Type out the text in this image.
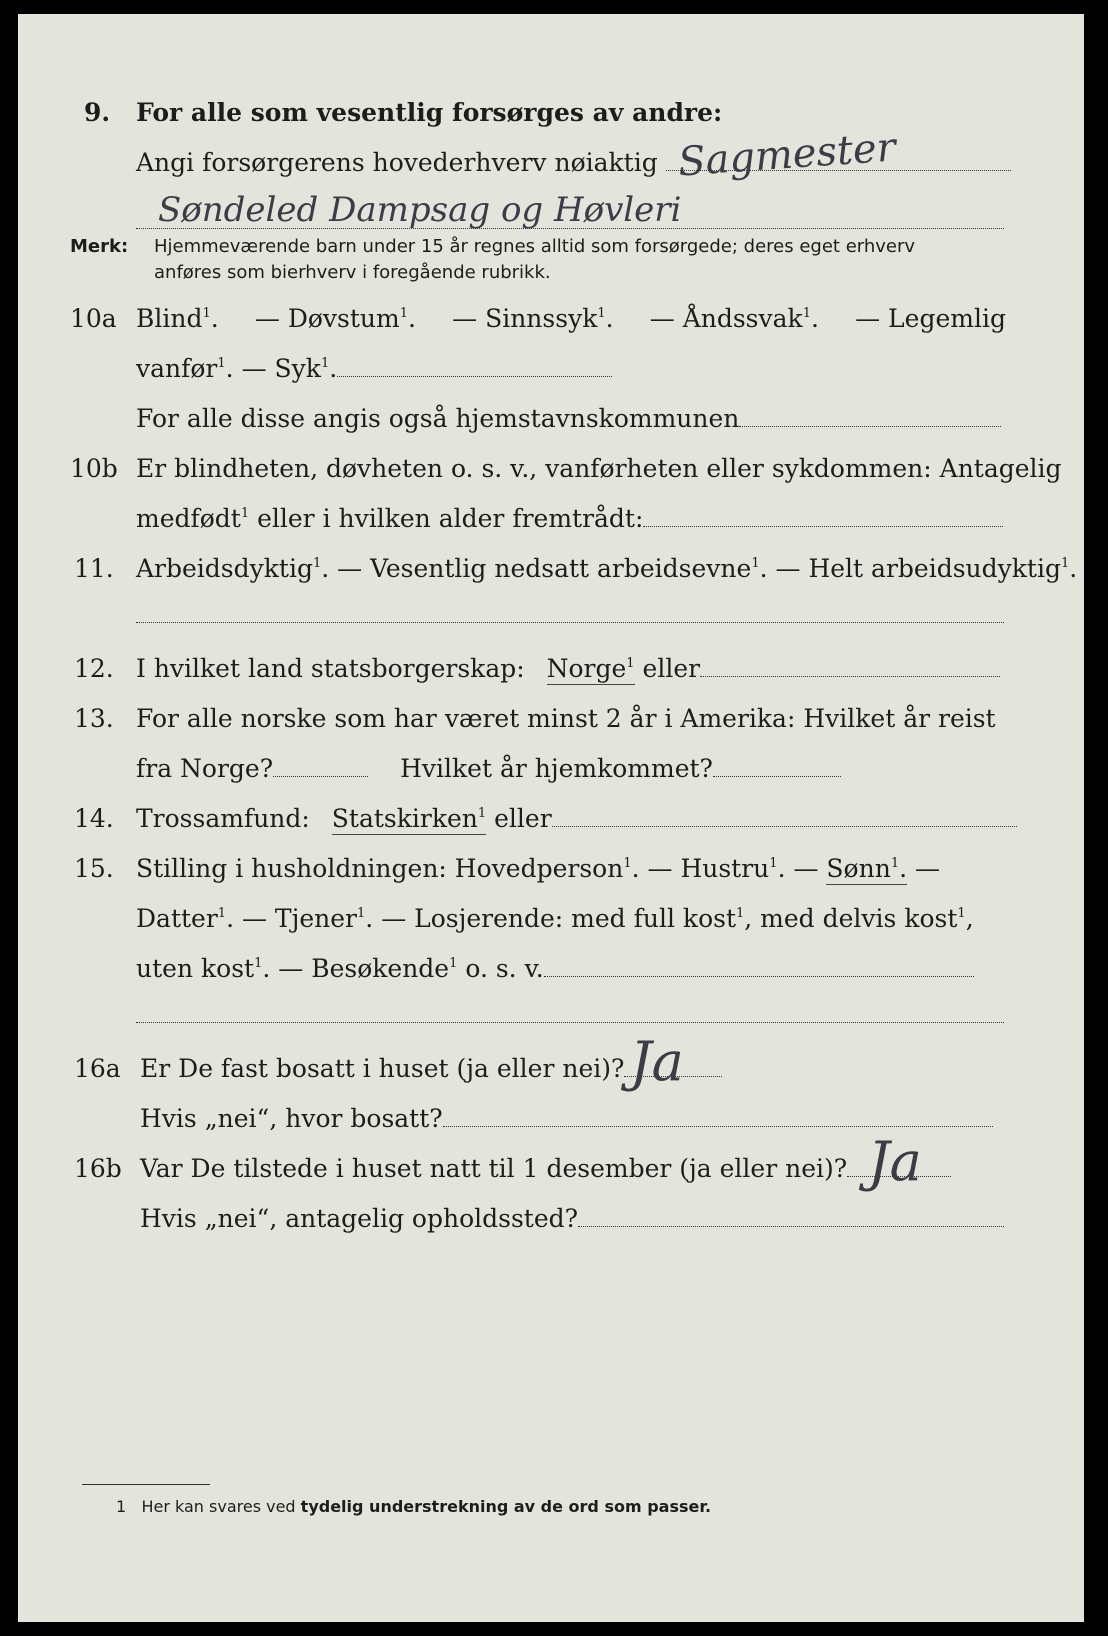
9. For alle som vesentlig forsørges av andre:
Angi forsørgerens hovederhverv nøiaktig Sagmester
Søndeled Dampsag og Høvleri
Merk: Hjemmeværende barn under 15 år regnes alltid som forsørgede; deres eget erhverv
anføres som bierhverv i foregående rubrikk.
10a Blind$^1$. — Døvstum$^1$. — Sinnssyk$^1$. — Åndssvak$^1$. — Legemlig
vanfør$^1$. — Syk$^1$.
For alle disse angis også hjemstavnskommunen
10b Er blindheten, døvheten o. s. v., vanførheten eller sykdommen: Antagelig
medfødt$^1$ eller i hvilken alder fremtrådt:
11. Arbeidsdyktig$^1$. — Vesentlig nedsatt arbeidsevne$^1$. — Helt arbeidsudyktig$^1$.
12. I hvilket land statsborgerskap: Norge$^1$ eller
13. For alle norske som har været minst 2 år i Amerika: Hvilket år reist
fra Norge?	Hvilket år hjemkommet?
14. Trossamfund: Statskirken$^1$ eller
15. Stilling i husholdningen: Hovedperson$^1$. — Hustru$^1$. — Sønn$^1$. —
Datter$^1$. — Tjener$^1$. — Losjerende: med full kost$^1$, med delvis kost$^1$,
uten kost$^1$. — Besøkende$^1$ o. s. v.
16a Er De fast bosatt i huset (ja eller nei)? Ja
Hvis „nei“, hvor bosatt?
16b Var De tilstede i huset natt til 1 desember (ja eller nei)? Ja
Hvis „nei“, antagelig opholdssted?
1 Her kan svares ved tydelig understrekning av de ord som passer.
